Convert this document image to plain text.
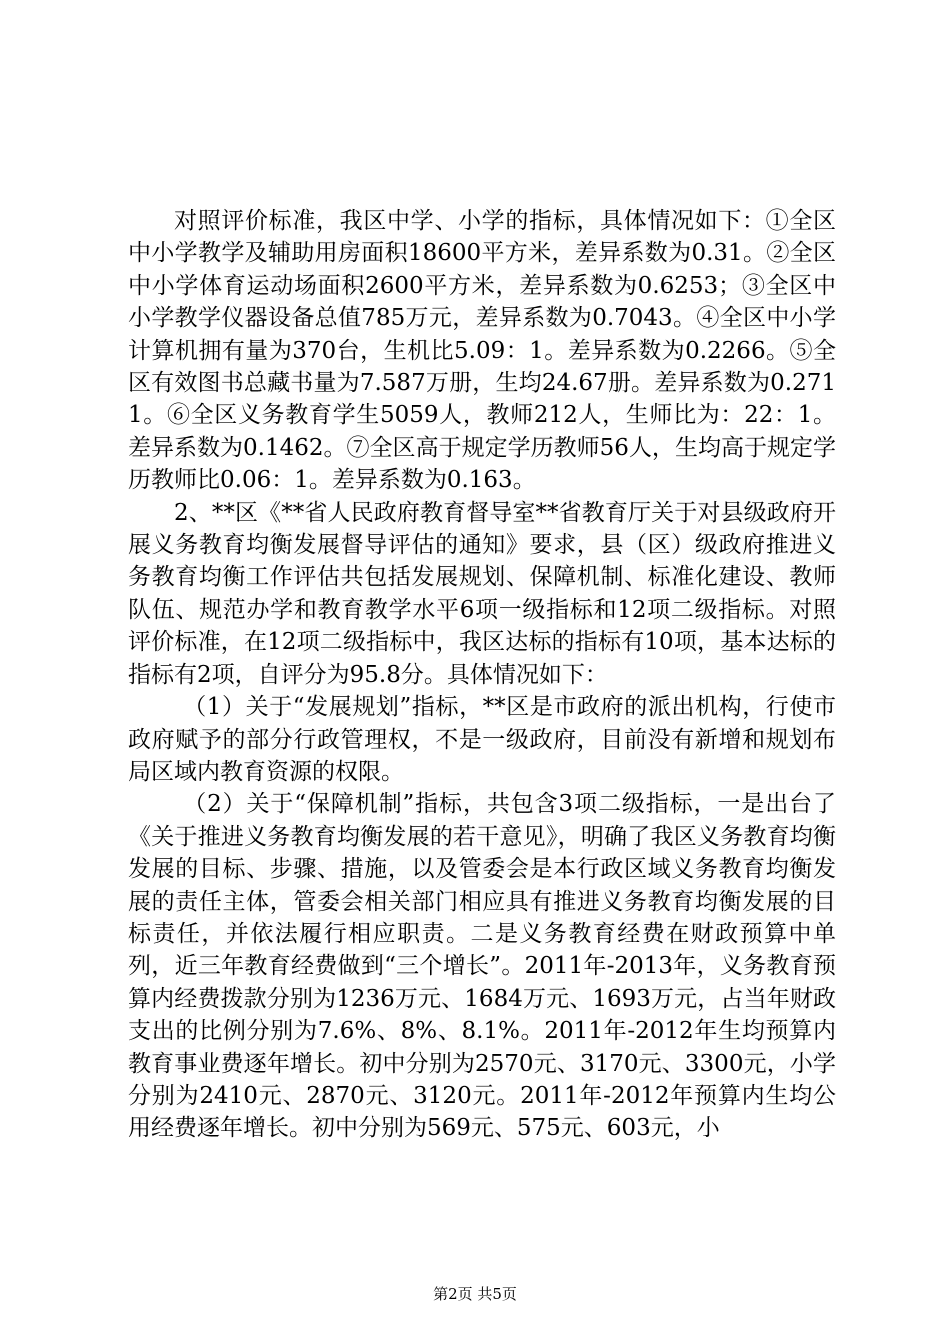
对照评价标准，我区中学、小学的指标，具体情况如下：①全区中小学教学及辅助用房面积18600平方米，差异系数为0.31。②全区中小学体育运动场面积2600平方米，差异系数为0.6253；③全区中小学教学仪器设备总值785万元，差异系数为0.7043。④全区中小学计算机拥有量为370台，生机比5.09：1。差异系数为0.2266。⑤全区有效图书总藏书量为7.587万册，生均24.67册。差异系数为0.2711。⑥全区义务教育学生5059人，教师212人，生师比为：22：1。差异系数为0.1462。⑦全区高于规定学历教师56人，生均高于规定学历教师比0.06：1。差异系数为0.163。

2、**区《**省人民政府教育督导室**省教育厅关于对县级政府开展义务教育均衡发展督导评估的通知》要求，县（区）级政府推进义务教育均衡工作评估共包括发展规划、保障机制、标准化建设、教师队伍、规范办学和教育教学水平6项一级指标和12项二级指标。对照评价标准，在12项二级指标中，我区达标的指标有10项，基本达标的指标有2项，自评分为95.8分。具体情况如下：

（1）关于“发展规划”指标，**区是市政府的派出机构，行使市政府赋予的部分行政管理权，不是一级政府，目前没有新增和规划布局区域内教育资源的权限。

（2）关于“保障机制”指标，共包含3项二级指标，一是出台了《关于推进义务教育均衡发展的若干意见》，明确了我区义务教育均衡发展的目标、步骤、措施，以及管委会是本行政区域义务教育均衡发展的责任主体，管委会相关部门相应具有推进义务教育均衡发展的目标责任，并依法履行相应职责。二是义务教育经费在财政预算中单列，近三年教育经费做到“三个增长”。2011年-2013年，义务教育预算内经费拨款分别为1236万元、1684万元、1693万元，占当年财政支出的比例分别为7.6%、8%、8.1%。2011年-2012年生均预算内教育事业费逐年增长。初中分别为2570元、3170元、3300元，小学分别为2410元、2870元、3120元。2011年-2012年预算内生均公用经费逐年增长。初中分别为569元、575元、603元，小

第2页 共5页
